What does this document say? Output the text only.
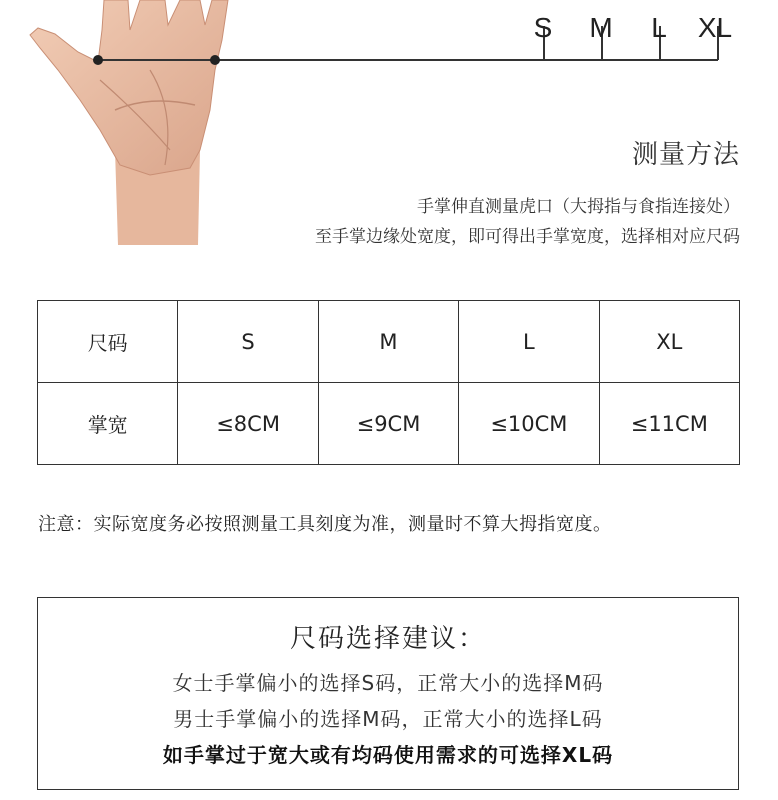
S M L XL
测量方法
手掌伸直测量虎口（大拇指与食指连接处）
至手掌边缘处宽度，即可得出手掌宽度，选择相对应尺码
尺码	S	M	L	XL
掌宽	≤8CM	≤9CM	≤10CM	≤11CM
注意：实际宽度务必按照测量工具刻度为准，测量时不算大拇指宽度。
尺码选择建议：
女士手掌偏小的选择S码，正常大小的选择M码
男士手掌偏小的选择M码，正常大小的选择L码
如手掌过于宽大或有均码使用需求的可选择XL码
